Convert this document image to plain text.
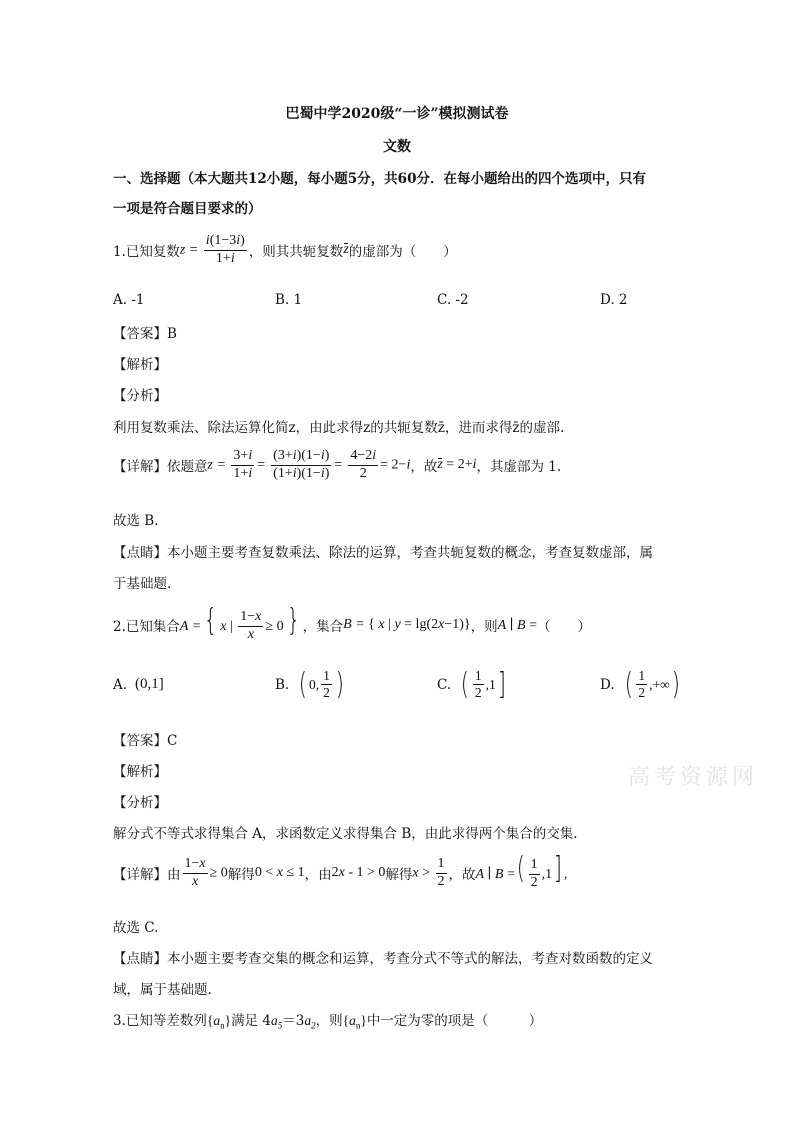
巴蜀中学2020级“一诊”模拟测试卷
文数
一、选择题（本大题共12小题，每小题5分，共60分．在每小题给出的四个选项中，只有
一项是符合题目要求的）
1.已知复数 $z = \frac{i(1-3i)}{1+i}$ ，则其共轭复数 z 的虚部为（　　）
A. -1	B. 1	C. -2	D. 2
【答案】B
【解析】
【分析】
利用复数乘法、除法运算化简z，由此求得z的共轭复数z̄，进而求得z̄的虚部.
【详解】依题意 $z = \frac{3+i}{1+i} = \frac{(3+i)(1-i)}{(1+i)(1-i)} = \frac{4-2i}{2} = 2-i$ ，故 z = 2+i ，其虚部为 1.
故选 B.
【点睛】本小题主要考查复数乘法、除法的运算，考查共轭复数的概念，考查复数虚部，属
于基础题.
2.已知集合 A ={ x | $\frac{1-x}{x} \ge 0$} ，集合 B = { x | y = lg(2x−1)} ，则 A ∣ B = （　　）
A. (0,1]	B. ( 0, $\frac{1}{2}$ )	C. ( $\frac{1}{2} ,1$ ]	D. ( $\frac{1}{2}$ ,+∞ )
【答案】C
【解析】
【分析】
解分式不等式求得集合 A，求函数定义求得集合 B，由此求得两个集合的交集.
【详解】由 $\frac{1-x}{x} \ge 0$ 解得 0 < x ≤ 1 ，由 2x - 1 > 0 解得 $x > \frac{1}{2}$ ，故 A ∣ B =( $\frac{1}{2} ,1$] ,
故选 C.
【点睛】本小题主要考查交集的概念和运算，考查分式不等式的解法，考查对数函数的定义
域，属于基础题.
3.已知等差数列$\{a_n\}$满足 $4a_5=3a_2$，则$\{a_n\}$中一定为零的项是（　　　）
高考资源网
